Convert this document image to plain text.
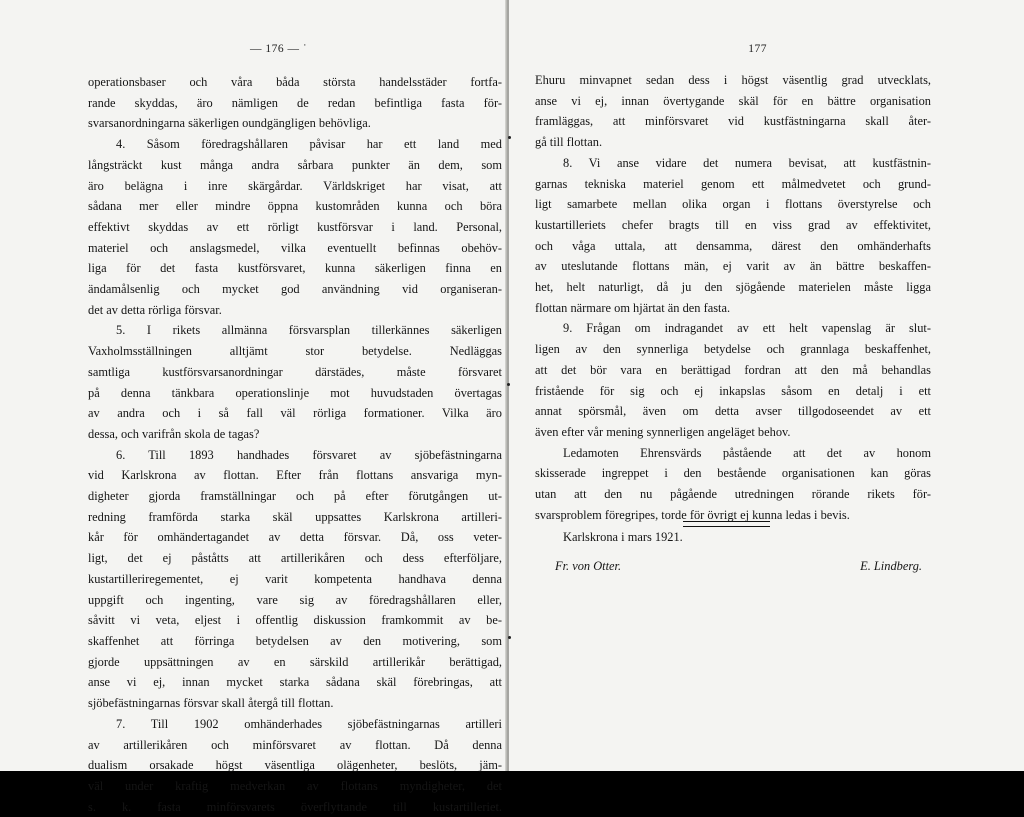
— 176 — ˙
operationsbaser och våra båda största handelsstäder fortfa-
rande skyddas, äro nämligen de redan befintliga fasta för-
svarsanordningarna säkerligen oundgängligen behövliga.
4. Såsom föredragshållaren påvisar har ett land med
långsträckt kust många andra sårbara punkter än dem, som
äro belägna i inre skärgårdar. Världskriget har visat, att
sådana mer eller mindre öppna kustområden kunna och böra
effektivt skyddas av ett rörligt kustförsvar i land. Personal,
materiel och anslagsmedel, vilka eventuellt befinnas obehöv-
liga för det fasta kustförsvaret, kunna säkerligen finna en
ändamålsenlig och mycket god användning vid organiseran-
det av detta rörliga försvar.
5. I rikets allmänna försvarsplan tillerkännes säkerligen
Vaxholmsställningen alltjämt stor betydelse. Nedläggas
samtliga kustförsvarsanordningar därstädes, måste försvaret
på denna tänkbara operationslinje mot huvudstaden övertagas
av andra och i så fall väl rörliga formationer. Vilka äro
dessa, och varifrån skola de tagas?
6. Till 1893 handhades försvaret av sjöbefästningarna
vid Karlskrona av flottan. Efter från flottans ansvariga myn-
digheter gjorda framställningar och på efter förutgången ut-
redning framförda starka skäl uppsattes Karlskrona artilleri-
kår för omhändertagandet av detta försvar. Då, oss veter-
ligt, det ej påståtts att artillerikåren och dess efterföljare,
kustartilleriregementet, ej varit kompetenta handhava denna
uppgift och ingenting, vare sig av föredragshållaren eller,
såvitt vi veta, eljest i offentlig diskussion framkommit av be-
skaffenhet att förringa betydelsen av den motivering, som
gjorde uppsättningen av en särskild artillerikår berättigad,
anse vi ej, innan mycket starka sådana skäl förebringas, att
sjöbefästningarnas försvar skall återgå till flottan.
7. Till 1902 omhänderhades sjöbefästningarnas artilleri
av artillerikåren och minförsvaret av flottan. Då denna
dualism orsakade högst väsentliga olägenheter, beslöts, jäm-
väl under kraftig medverkan av flottans myndigheter, det
s. k. fasta minförsvarets överflyttande till kustartilleriet.
177
Ehuru minvapnet sedan dess i högst väsentlig grad utvecklats,
anse vi ej, innan övertygande skäl för en bättre organisation
framläggas, att minförsvaret vid kustfästningarna skall åter-
gå till flottan.
8. Vi anse vidare det numera bevisat, att kustfästnin-
garnas tekniska materiel genom ett målmedvetet och grund-
ligt samarbete mellan olika organ i flottans överstyrelse och
kustartilleriets chefer bragts till en viss grad av effektivitet,
och våga uttala, att densamma, därest den omhänderhafts
av uteslutande flottans män, ej varit av än bättre beskaffen-
het, helt naturligt, då ju den sjögående materielen måste ligga
flottan närmare om hjärtat än den fasta.
9. Frågan om indragandet av ett helt vapenslag är slut-
ligen av den synnerliga betydelse och grannlaga beskaffenhet,
att det bör vara en berättigad fordran att den må behandlas
fristående för sig och ej inkapslas såsom en detalj i ett
annat spörsmål, även om detta avser tillgodoseendet av ett
även efter vår mening synnerligen angeläget behov.
Ledamoten Ehrensvärds påstående att det av honom
skisserade ingreppet i den bestående organisationen kan göras
utan att den nu pågående utredningen rörande rikets för-
svarsproblem föregripes, torde för övrigt ej kunna ledas i bevis.
Karlskrona i mars 1921.
Fr. von Otter.	E. Lindberg.
